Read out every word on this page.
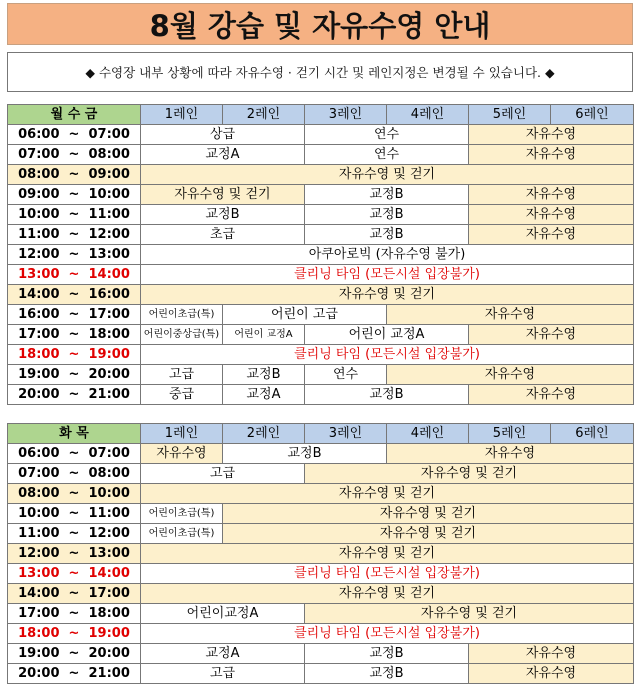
8월 강습 및 자유수영 안내
◆ 수영장 내부 상황에 따라 자유수영 · 걷기 시간 및 레인지정은 변경될 수 있습니다. ◆
월 수 금	1레인	2레인	3레인	4레인	5레인	6레인
06:00  ~  07:00	상급		연수		자유수영	
07:00  ~  08:00	교정A		연수		자유수영	
08:00  ~  09:00	자유수영 및 걷기					
09:00  ~  10:00	자유수영 및 걷기		교정B		자유수영	
10:00  ~  11:00	교정B		교정B		자유수영	
11:00  ~  12:00	초급		교정B		자유수영	
12:00  ~  13:00	아쿠아로빅 (자유수영 불가)					
13:00  ~  14:00	클리닝 타임 (모든시설 입장불가)					
14:00  ~  16:00	자유수영 및 걷기					
16:00  ~  17:00	어린이초급(특)	어린이 고급		자유수영		
17:00  ~  18:00	어린이중상급(특)	어린이 교정A	어린이 교정A		자유수영	
18:00  ~  19:00	클리닝 타임 (모든시설 입장불가)					
19:00  ~  20:00	고급	교정B	연수	자유수영		
20:00  ~  21:00	중급	교정A	교정B		자유수영	
화 목	1레인	2레인	3레인	4레인	5레인	6레인
06:00  ~  07:00	자유수영	교정B		자유수영		
07:00  ~  08:00	고급		자유수영 및 걷기			
08:00  ~  10:00	자유수영 및 걷기					
10:00  ~  11:00	어린이초급(특)	자유수영 및 걷기				
11:00  ~  12:00	어린이초급(특)	자유수영 및 걷기				
12:00  ~  13:00	자유수영 및 걷기					
13:00  ~  14:00	클리닝 타임 (모든시설 입장불가)					
14:00  ~  17:00	자유수영 및 걷기					
17:00  ~  18:00	어린이교정A		자유수영 및 걷기			
18:00  ~  19:00	클리닝 타임 (모든시설 입장불가)					
19:00  ~  20:00	교정A		교정B		자유수영	
20:00  ~  21:00	고급		교정B		자유수영	
